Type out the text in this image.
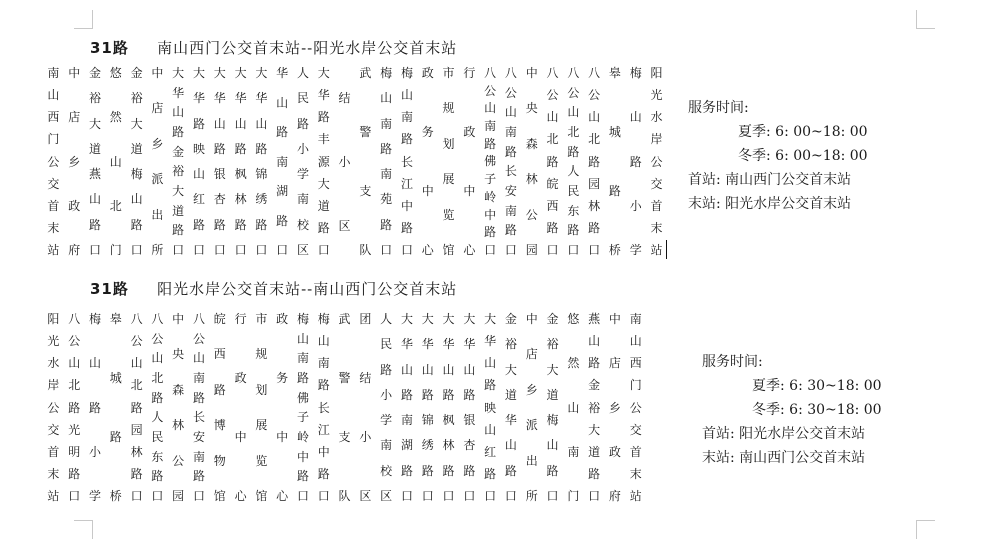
31路 南山西门公交首末站--阳光水岸公交首末站
南
山
西
门
公
交
首
末
站
中
店
乡
政
府
金
裕
大
道
燕
山
路
口
悠
然
山
北
门
金
裕
大
道
梅
山
路
口
中
店
乡
派
出
所
大
华
山
路
金
裕
大
道
路
口
大
华
路
映
山
红
路
口
大
华
山
路
银
杏
路
口
大
华
山
路
枫
林
路
口
大
华
山
路
锦
绣
路
口
华
山
路
南
湖
路
口
人
民
路
小
学
南
校
区
大
华
路
丰
源
大
道
路
口
结
小
区
武
警
支
队
梅
山
南
路
南
苑
路
口
梅
山
南
路
长
江
中
路
口
政
务
中
心
市
规
划
展
览
馆
行
政
中
心
八
公
山
南
路
佛
子
岭
中
路
口
八
公
山
南
路
长
安
南
路
口
中
央
森
林
公
园
八
公
山
北
路
皖
西
路
口
八
公
山
北
路
人
民
东
路
口
八
公
山
北
路
园
林
路
口
皋
城
路
桥
梅
山
路
小
学
阳
光
水
岸
公
交
首
末
站
服务时间:
夏季: 6: 00~18: 00
冬季: 6: 00~18: 00
首站: 南山西门公交首末站
末站: 阳光水岸公交首末站
31路 阳光水岸公交首末站--南山西门公交首末站
阳
光
水
岸
公
交
首
末
站
八
公
山
北
路
光
明
路
口
梅
山
路
小
学
皋
城
路
桥
八
公
山
北
路
园
林
路
口
八
公
山
北
路
人
民
东
路
口
中
央
森
林
公
园
八
公
山
南
路
长
安
南
路
口
皖
西
路
博
物
馆
行
政
中
心
市
规
划
展
览
馆
政
务
中
心
梅
山
南
路
佛
子
岭
中
路
口
梅
山
南
路
长
江
中
路
口
武
警
支
队
团
结
小
区
人
民
路
小
学
南
校
区
大
华
山
路
南
湖
路
口
大
华
山
路
锦
绣
路
口
大
华
山
路
枫
林
路
口
大
华
山
路
银
杏
路
口
大
华
山
路
映
山
红
路
口
金
裕
大
道
华
山
路
口
中
店
乡
派
出
所
金
裕
大
道
梅
山
路
口
悠
然
山
南
门
燕
山
路
金
裕
大
道
路
口
中
店
乡
政
府
南
山
西
门
公
交
首
末
站
服务时间:
夏季: 6: 30~18: 00
冬季: 6: 30~18: 00
首站: 阳光水岸公交首末站
末站: 南山西门公交首末站
